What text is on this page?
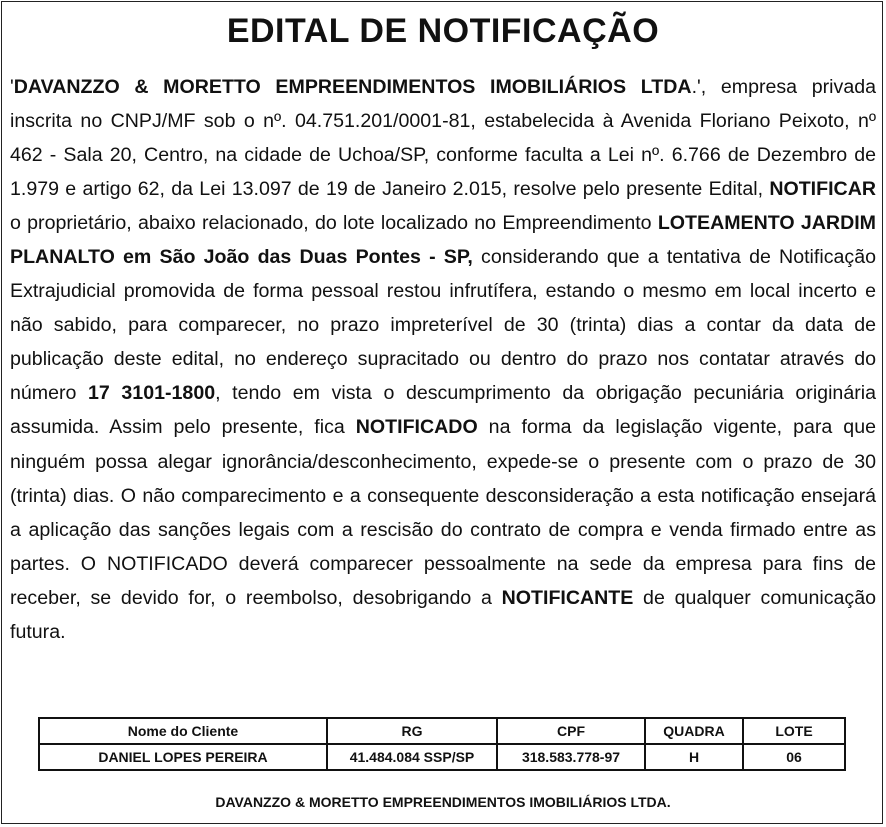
EDITAL DE NOTIFICAÇÃO
'DAVANZZO & MORETTO EMPREENDIMENTOS IMOBILIÁRIOS LTDA.', empresa privada inscrita no CNPJ/MF sob o nº. 04.751.201/0001-81, estabelecida à Avenida Floriano Peixoto, nº 462 - Sala 20, Centro, na cidade de Uchoa/SP, conforme faculta a Lei nº. 6.766 de Dezembro de 1.979 e artigo 62, da Lei 13.097 de 19 de Janeiro 2.015, resolve pelo presente Edital, NOTIFICAR o proprietário, abaixo relacionado, do lote localizado no Empreendimento LOTEAMENTO JARDIM PLANALTO em São João das Duas Pontes - SP, considerando que a tentativa de Notificação Extrajudicial promovida de forma pessoal restou infrutífera, estando o mesmo em local incerto e não sabido, para comparecer, no prazo impreterível de 30 (trinta) dias a contar da data de publicação deste edital, no endereço supracitado ou dentro do prazo nos contatar através do número 17 3101-1800, tendo em vista o descumprimento da obrigação pecuniária originária assumida. Assim pelo presente, fica NOTIFICADO na forma da legislação vigente, para que ninguém possa alegar ignorância/desconhecimento, expede-se o presente com o prazo de 30 (trinta) dias. O não comparecimento e a consequente desconsideração a esta notificação ensejará a aplicação das sanções legais com a rescisão do contrato de compra e venda firmado entre as partes. O NOTIFICADO deverá comparecer pessoalmente na sede da empresa para fins de receber, se devido for, o reembolso, desobrigando a NOTIFICANTE de qualquer comunicação futura.
Nome do Cliente	RG	CPF	QUADRA	LOTE
DANIEL LOPES PEREIRA	41.484.084 SSP/SP	318.583.778-97	H	06
DAVANZZO & MORETTO EMPREENDIMENTOS IMOBILIÁRIOS LTDA.
